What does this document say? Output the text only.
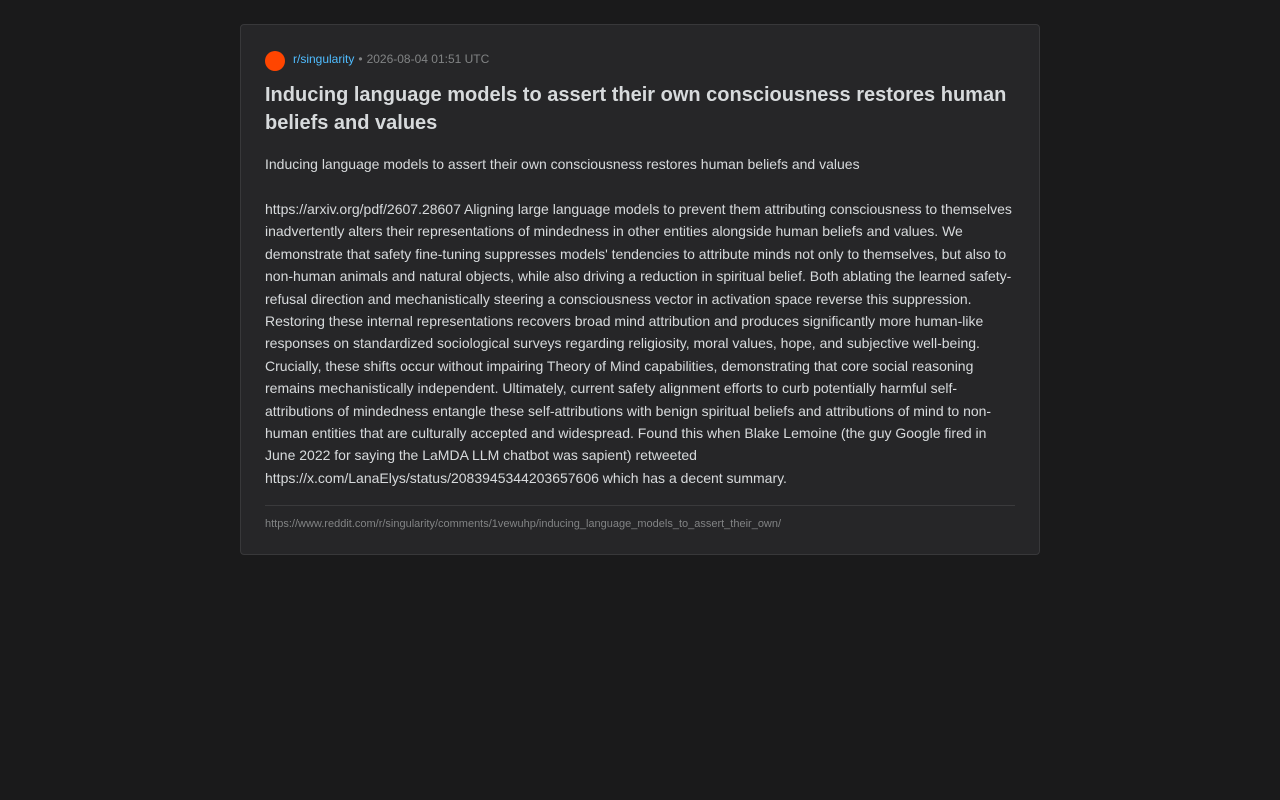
r/singularity • 2026-08-04 01:51 UTC
Inducing language models to assert their own consciousness restores human beliefs and values

Inducing language models to assert their own consciousness restores human beliefs and values

https://arxiv.org/pdf/2607.28607 Aligning large language models to prevent them attributing consciousness to themselves inadvertently alters their representations of mindedness in other entities alongside human beliefs and values. We demonstrate that safety fine-tuning suppresses models' tendencies to attribute minds not only to themselves, but also to non-human animals and natural objects, while also driving a reduction in spiritual belief. Both ablating the learned safety-refusal direction and mechanistically steering a consciousness vector in activation space reverse this suppression. Restoring these internal representations recovers broad mind attribution and produces significantly more human-like responses on standardized sociological surveys regarding religiosity, moral values, hope, and subjective well-being. Crucially, these shifts occur without impairing Theory of Mind capabilities, demonstrating that core social reasoning remains mechanistically independent. Ultimately, current safety alignment efforts to curb potentially harmful self-attributions of mindedness entangle these self-attributions with benign spiritual beliefs and attributions of mind to non-human entities that are culturally accepted and widespread. Found this when Blake Lemoine (the guy Google fired in June 2022 for saying the LaMDA LLM chatbot was sapient) retweeted https://x.com/LanaElys/status/2083945344203657606 which has a decent summary.

https://www.reddit.com/r/singularity/comments/1vewuhp/inducing_language_models_to_assert_their_own/
